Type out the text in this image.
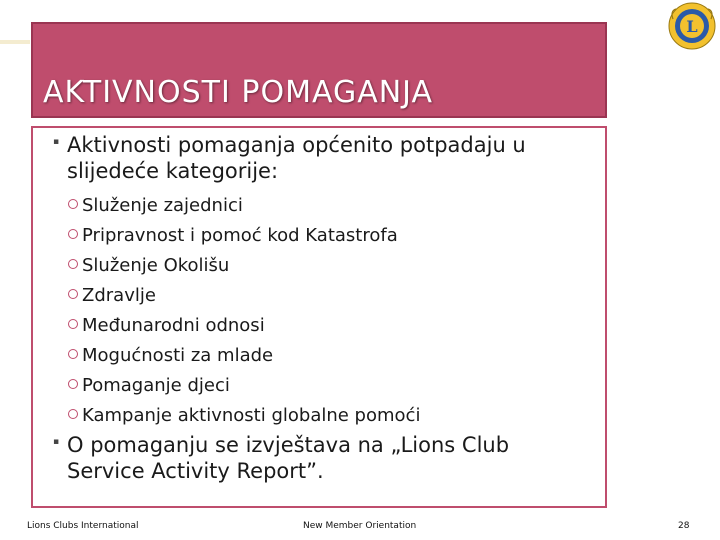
AKTIVNOSTI POMAGANJA
L
▪ Aktivnosti pomaganja općenito potpadaju u slijedeće kategorije:
Služenje zajednici
Pripravnost i pomoć kod Katastrofa
Služenje Okolišu
Zdravlje
Međunarodni odnosi
Mogućnosti za mlade
Pomaganje djeci
Kampanje aktivnosti globalne pomoći
▪ O pomaganju se izvještava na „Lions Club Service Activity Report”.
Lions Clubs International	New Member Orientation	28
